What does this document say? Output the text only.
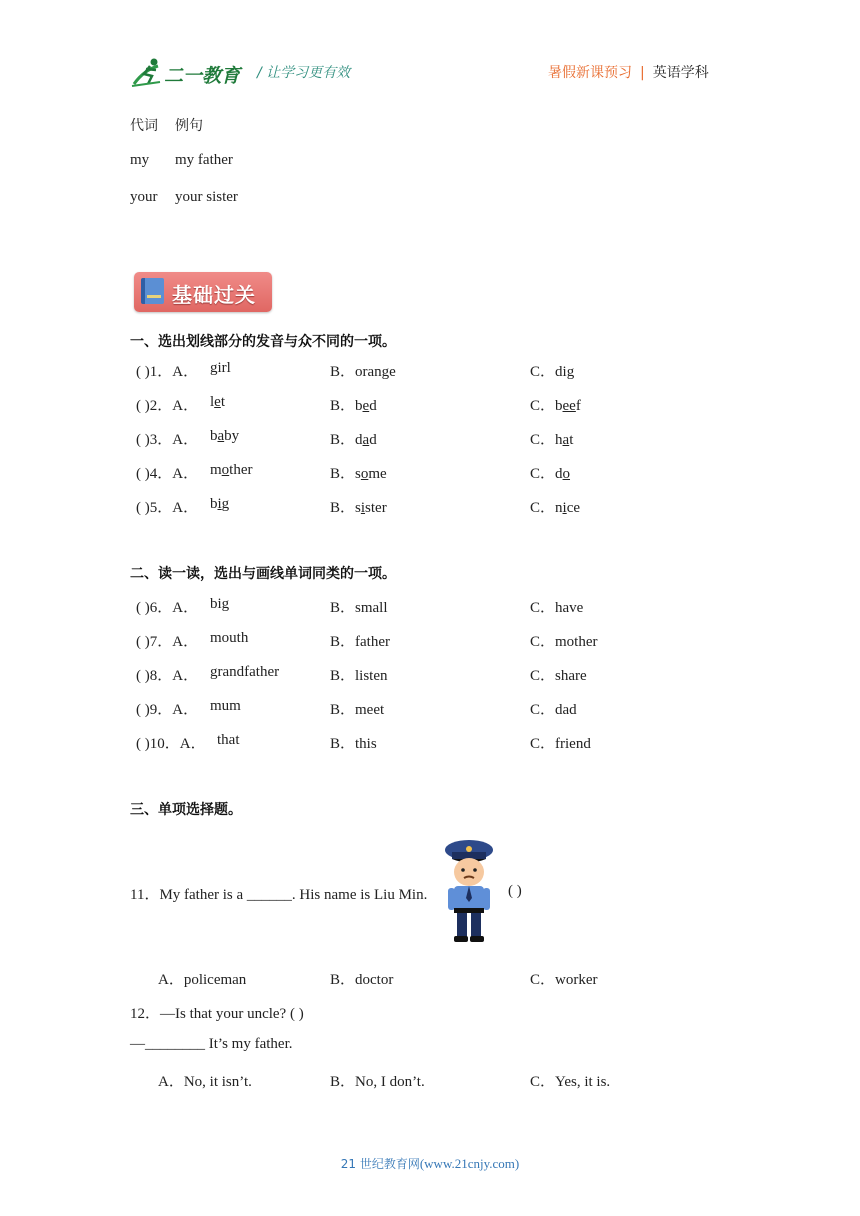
二一教育 / 让学习更有效	暑假新课预习 | 英语学科
代词 例句
my my father
your your sister
基础过关
一、选出划线部分的发音与众不同的一项。
( )1．A． girl	B．orange	C．dig
( )2．A． let	B．bed	C．beef
( )3．A． baby	B．dad	C．hat
( )4．A． mother	B．some	C．do
( )5．A． big	B．sister	C．nice
二、读一读，选出与画线单词同类的一项。
( )6．A． big	B．small	C．have
( )7．A． mouth	B．father	C．mother
( )8．A． grandfather	B．listen	C．share
( )9．A． mum	B．meet	C．dad
( )10．A． that	B．this	C．friend
三、单项选择题。
11．My father is a ______. His name is Liu Min.	( )
A．policeman	B．doctor	C．worker
12．—Is that your uncle? ( )
—________ It’s my father.
A．No, it isn’t.	B．No, I don’t.	C．Yes, it is.
21 世纪教育网(www.21cnjy.com)
